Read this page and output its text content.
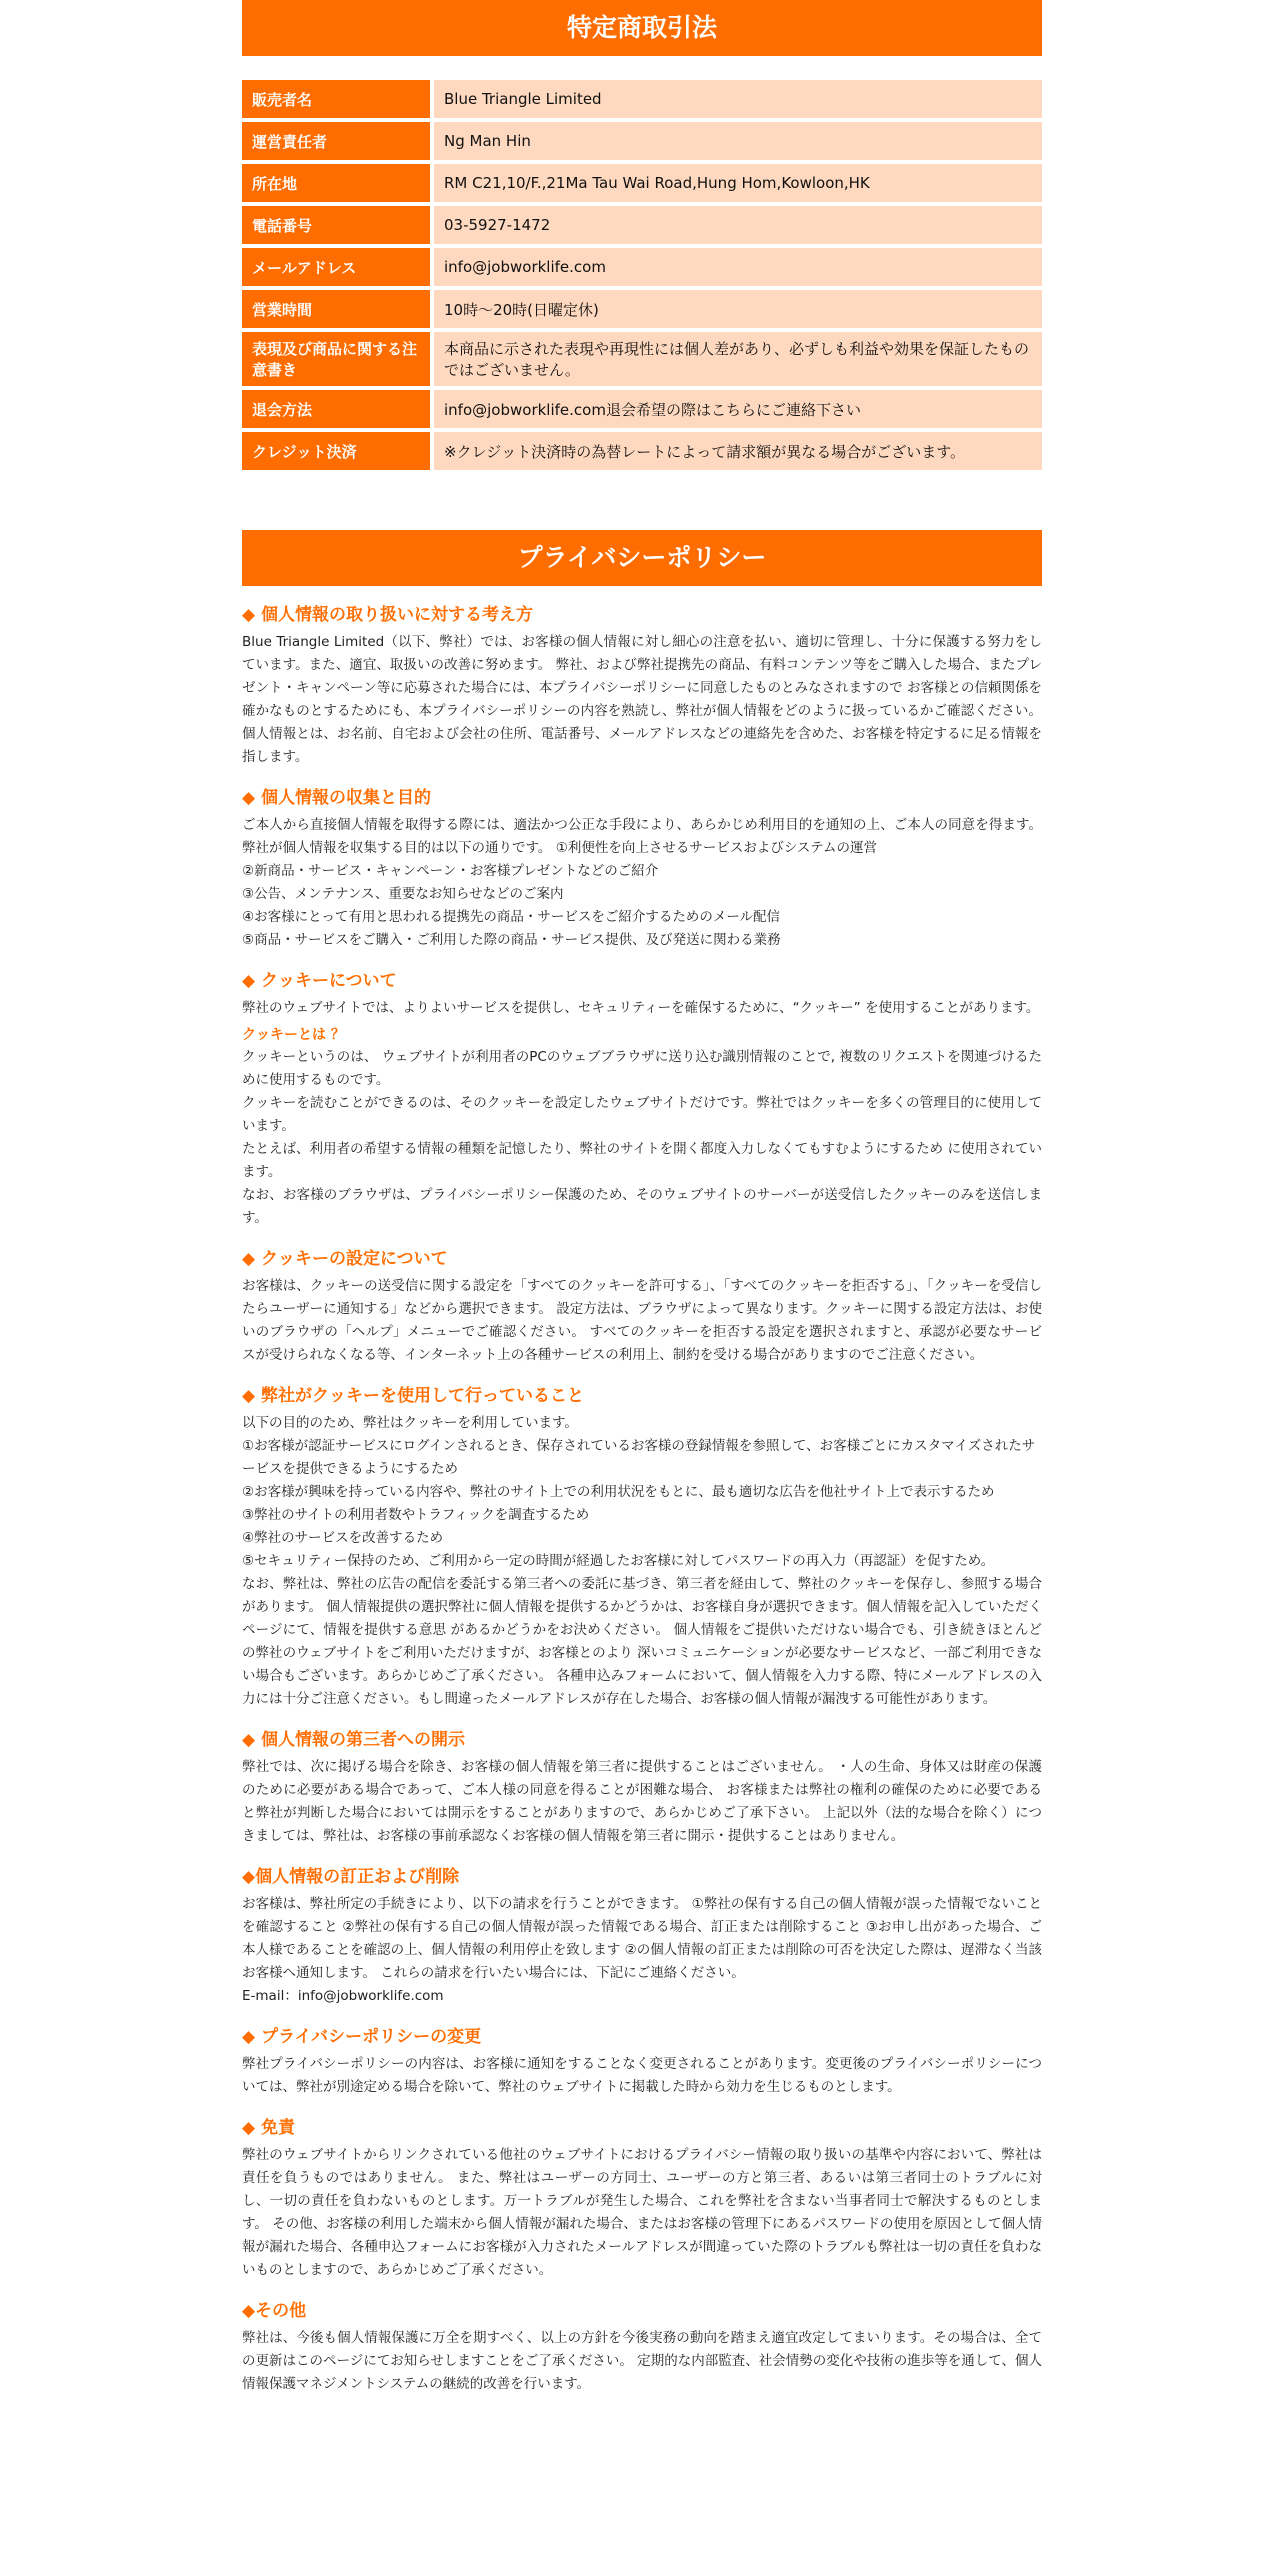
特定商取引法
販売者名	Blue Triangle Limited
運営責任者	Ng Man Hin
所在地	RM C21,10/F.,21Ma Tau Wai Road,Hung Hom,Kowloon,HK
電話番号	03-5927-1472
メールアドレス	info@jobworklife.com
営業時間	10時〜20時(日曜定休)
表現及び商品に関する注意書き	本商品に示された表現や再現性には個人差があり、必ずしも利益や効果を保証したものではございません。
退会方法	info@jobworklife.com退会希望の際はこちらにご連絡下さい
クレジット決済	※クレジット決済時の為替レートによって請求額が異なる場合がございます。
プライバシーポリシー
◆ 個人情報の取り扱いに対する考え方

Blue Triangle Limited（以下、弊社）では、お客様の個人情報に対し細心の注意を払い、適切に管理し、十分に保護する努力をしています。また、適宜、取扱いの改善に努めます。 弊社、および弊社提携先の商品、有料コンテンツ等をご購入した場合、またプレゼント・キャンペーン等に応募された場合には、本プライバシーポリシーに同意したものとみなされますので お客様との信頼関係を確かなものとするためにも、本プライバシーポリシーの内容を熟読し、弊社が個人情報をどのように扱っているかご確認ください。 個人情報とは、お名前、自宅および会社の住所、電話番号、メールアドレスなどの連絡先を含めた、お客様を特定するに足る情報を指します。

◆ 個人情報の収集と目的

ご本人から直接個人情報を取得する際には、適法かつ公正な手段により、あらかじめ利用目的を通知の上、ご本人の同意を得ます。弊社が個人情報を収集する目的は以下の通りです。 ①利便性を向上させるサービスおよびシステムの運営

②新商品・サービス・キャンペーン・お客様プレゼントなどのご紹介
③公告、メンテナンス、重要なお知らせなどのご案内
④お客様にとって有用と思われる提携先の商品・サービスをご紹介するためのメール配信
⑤商品・サービスをご購入・ご利用した際の商品・サービス提供、及び発送に関わる業務
◆ クッキーについて

弊社のウェブサイトでは、よりよいサービスを提供し、セキュリティーを確保するために、“クッキー” を使用することがあります。

クッキーとは ？

クッキーというのは、 ウェブサイトが利用者のPCのウェブブラウザに送り込む識別情報のことで, 複数のリクエストを関連づけるために使用するものです。

クッキーを読むことができるのは、そのクッキーを設定したウェブサイトだけです。弊社ではクッキーを多くの管理目的に使用しています。

たとえば、利用者の希望する情報の種類を記憶したり、弊社のサイトを開く都度入力しなくてもすむようにするため に使用されています。

なお、お客様のブラウザは、プライバシーポリシー保護のため、そのウェブサイトのサーバーが送受信したクッキーのみを送信します。

◆ クッキーの設定について

お客様は、クッキーの送受信に関する設定を「すべてのクッキーを許可する」、「すべてのクッキーを拒否する」、「クッキーを受信したらユーザーに通知する」などから選択できます。 設定方法は、ブラウザによって異なります。クッキーに関する設定方法は、お使いのブラウザの「ヘルプ」メニューでご確認ください。 すべてのクッキーを拒否する設定を選択されますと、承認が必要なサービスが受けられなくなる等、インターネット上の各種サービスの利用上、制約を受ける場合がありますのでご注意ください。

◆ 弊社がクッキーを使用して行っていること

以下の目的のため、弊社はクッキーを利用しています。

①お客様が認証サービスにログインされるとき、保存されているお客様の登録情報を参照して、お客様ごとにカスタマイズされたサービスを提供できるようにするため
②お客様が興味を持っている内容や、弊社のサイト上での利用状況をもとに、最も適切な広告を他社サイト上で表示するため
③弊社のサイトの利用者数やトラフィックを調査するため
④弊社のサービスを改善するため
⑤セキュリティー保持のため、ご利用から一定の時間が経過したお客様に対してパスワードの再入力（再認証）を促すため。

なお、弊社は、弊社の広告の配信を委託する第三者への委託に基づき、第三者を経由して、弊社のクッキーを保存し、参照する場合があります。 個人情報提供の選択弊社に個人情報を提供するかどうかは、お客様自身が選択できます。個人情報を記入していただくページにて、情報を提供する意思 があるかどうかをお決めください。 個人情報をご提供いただけない場合でも、引き続きほとんどの弊社のウェブサイトをご利用いただけますが、お客様とのより 深いコミュニケーションが必要なサービスなど、一部ご利用できない場合もございます。あらかじめご了承ください。 各種申込みフォームにおいて、個人情報を入力する際、特にメールアドレスの入力には十分ご注意ください。もし間違ったメールアドレスが存在した場合、お客様の個人情報が漏洩する可能性があります。

◆ 個人情報の第三者への開示

弊社では、次に掲げる場合を除き、お客様の個人情報を第三者に提供することはございません。 ・人の生命、身体又は財産の保護のために必要がある場合であって、ご本人様の同意を得ることが困難な場合、 お客様または弊社の権利の確保のために必要であると弊社が判断した場合においては開示をすることがありますので、あらかじめご了承下さい。 上記以外（法的な場合を除く）につきましては、弊社は、お客様の事前承認なくお客様の個人情報を第三者に開示・提供することはありません。

◆個人情報の訂正および削除

お客様は、弊社所定の手続きにより、以下の請求を行うことができます。 ①弊社の保有する自己の個人情報が誤った情報でないことを確認すること ②弊社の保有する自己の個人情報が誤った情報である場合、訂正または削除すること ③お申し出があった場合、ご本人様であることを確認の上、個人情報の利用停止を致します ②の個人情報の訂正または削除の可否を決定した際は、遅滞なく当該お客様へ通知します。 これらの請求を行いたい場合には、下記にご連絡ください。

E-mail：info@jobworklife.com

◆ プライバシーポリシーの変更

弊社プライバシーポリシーの内容は、お客様に通知をすることなく変更されることがあります。変更後のプライバシーポリシーについては、弊社が別途定める場合を除いて、弊社のウェブサイトに掲載した時から効力を生じるものとします。

◆ 免責

弊社のウェブサイトからリンクされている他社のウェブサイトにおけるプライバシー情報の取り扱いの基準や内容において、弊社は 責任を負うものではありません。 また、弊社はユーザーの方同士、ユーザーの方と第三者、あるいは第三者同士のトラブルに対し、一切の責任を負わないものとします。万一トラブルが発生した場合、これを弊社を含まない当事者同士で解決するものとします。 その他、お客様の利用した端末から個人情報が漏れた場合、またはお客様の管理下にあるパスワードの使用を原因として個人情報が漏れた場合、各種申込フォームにお客様が入力されたメールアドレスが間違っていた際のトラブルも弊社は一切の責任を負わないものとしますので、あらかじめご了承ください。

◆その他

弊社は、今後も個人情報保護に万全を期すべく、以上の方針を今後実務の動向を踏まえ適宜改定してまいります。その場合は、全ての更新はこのページにてお知らせしますことをご了承ください。 定期的な内部監査、社会情勢の変化や技術の進歩等を通して、個人情報保護マネジメントシステムの継続的改善を行います。
